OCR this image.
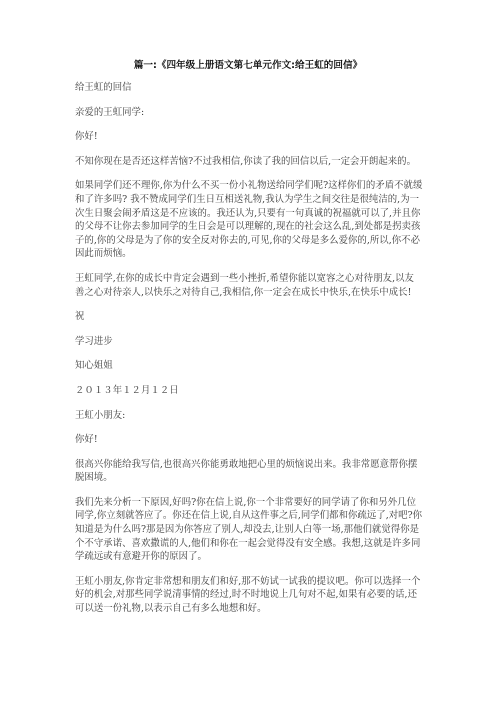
篇一:《四年级上册语文第七单元作文:给王虹的回信》

给王虹的回信

亲爱的王虹同学:

你好!

不知你现在是否还这样苦恼?不过我相信,你读了我的回信以后,一定会开朗起来的。

如果同学们还不理你,你为什么不买一份小礼物送给同学们呢?这样你们的矛盾不就缓和了许多吗? 我不赞成同学们生日互相送礼物,我认为学生之间交往是很纯洁的,为一次生日聚会闹矛盾这是不应该的。我还认为,只要有一句真诚的祝福就可以了,并且你的父母不让你去参加同学的生日会是可以理解的,现在的社会这么乱,到处都是拐卖孩子的,你的父母是为了你的安全反对你去的,可见,你的父母是多么爱你的,所以,你不必因此而烦恼。

王虹同学,在你的成长中肯定会遇到一些小挫折,希望你能以宽容之心对待朋友,以友善之心对待亲人,以快乐之对待自己,我相信,你一定会在成长中快乐,在快乐中成长!

祝

学习进步

知心姐姐

２０１３年１２月１２日

王虹小朋友:

你好!

很高兴你能给我写信,也很高兴你能勇敢地把心里的烦恼说出来。我非常愿意帮你摆脱困境。

我们先来分析一下原因,好吗?你在信上说,你一个非常要好的同学请了你和另外几位同学,你立刻就答应了。你还在信上说,自从这件事之后,同学们都和你疏远了,对吧?你知道是为什么吗?那是因为你答应了别人,却没去,让别人白等一场,那他们就觉得你是个不守承诺、喜欢撒谎的人,他们和你在一起会觉得没有安全感。我想,这就是许多同学疏远或有意避开你的原因了。

王虹小朋友,你肯定非常想和朋友们和好,那不妨试一试我的提议吧。你可以选择一个好的机会,对那些同学说清事情的经过,时不时地说上几句对不起,如果有必要的话,还可以送一份礼物,以表示自己有多么地想和好。
